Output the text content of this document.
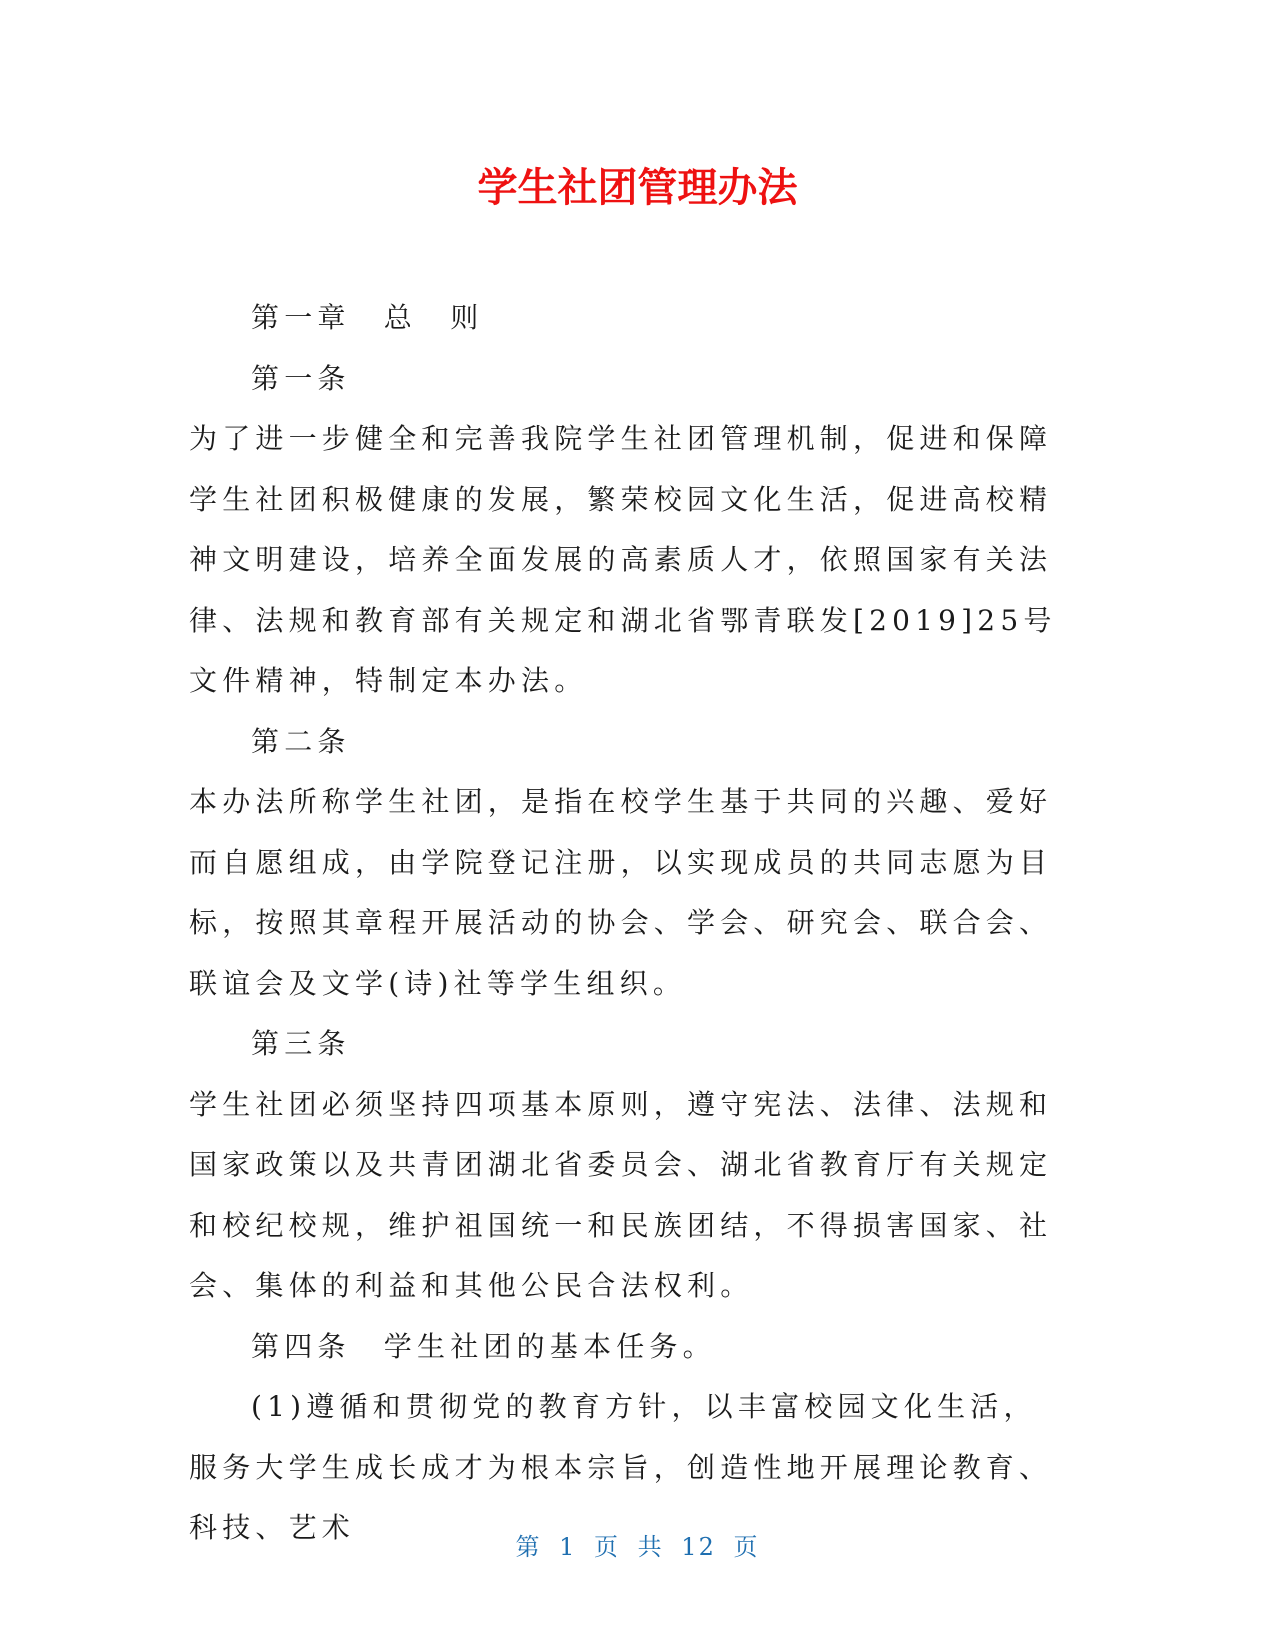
学生社团管理办法

第一章　总　则

第一条

为了进一步健全和完善我院学生社团管理机制，促进和保障学生社团积极健康的发展，繁荣校园文化生活，促进高校精神文明建设，培养全面发展的高素质人才，依照国家有关法律、法规和教育部有关规定和湖北省鄂青联发[2019]25号文件精神，特制定本办法。

第二条

本办法所称学生社团，是指在校学生基于共同的兴趣、爱好而自愿组成，由学院登记注册，以实现成员的共同志愿为目标，按照其章程开展活动的协会、学会、研究会、联合会、联谊会及文学(诗)社等学生组织。

第三条

学生社团必须坚持四项基本原则，遵守宪法、法律、法规和国家政策以及共青团湖北省委员会、湖北省教育厅有关规定和校纪校规，维护祖国统一和民族团结，不得损害国家、社会、集体的利益和其他公民合法权利。

第四条　学生社团的基本任务。

(1)遵循和贯彻党的教育方针，以丰富校园文化生活，服务大学生成长成才为根本宗旨，创造性地开展理论教育、科技、艺术

第 1 页 共 12 页
